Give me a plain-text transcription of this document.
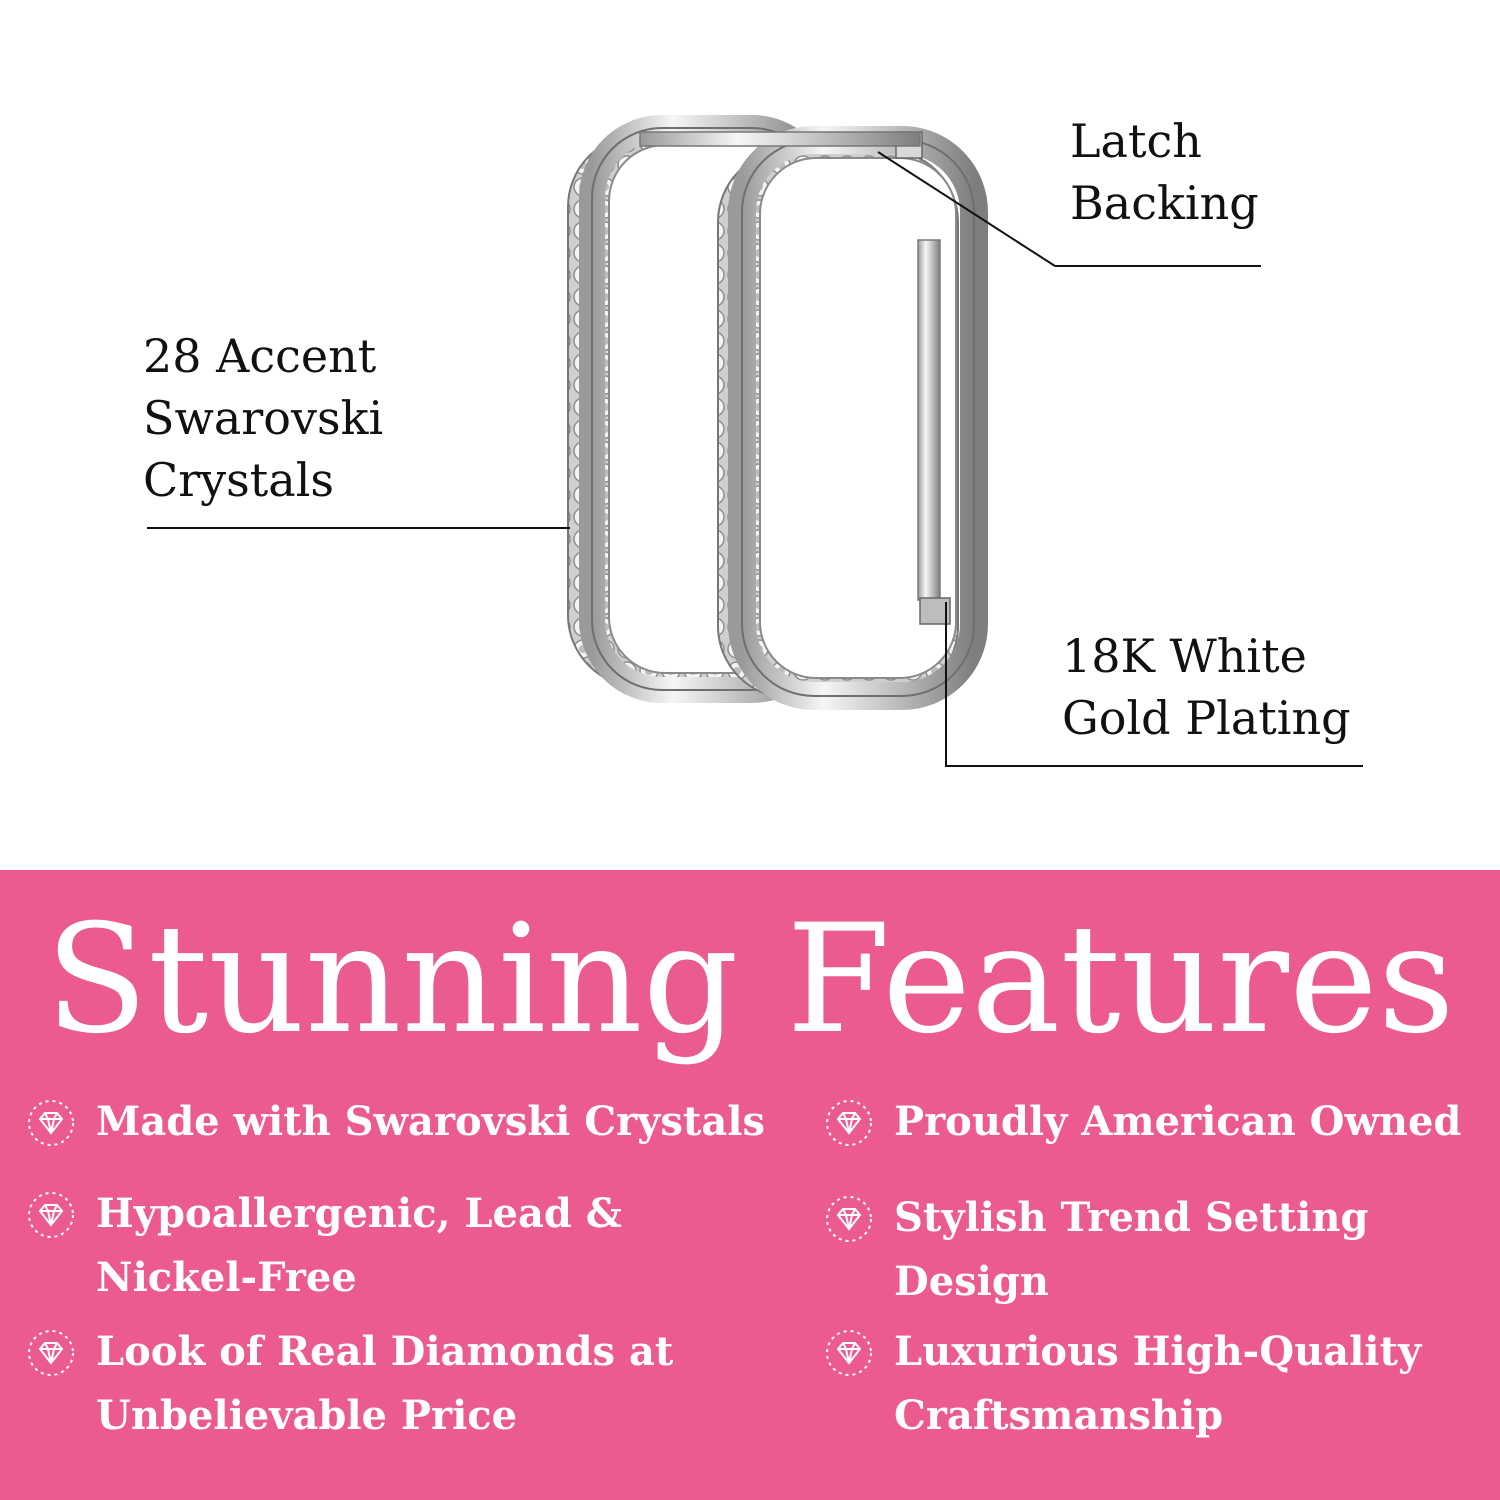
Latch
Backing
28 Accent
Swarovski
Crystals
18K White
Gold Plating
Stunning Features
Made with Swarovski Crystals
Hypoallergenic, Lead &
Nickel-Free
Look of Real Diamonds at
Unbelievable Price
Proudly American Owned
Stylish Trend Setting
Design
Luxurious High-Quality
Craftsmanship
